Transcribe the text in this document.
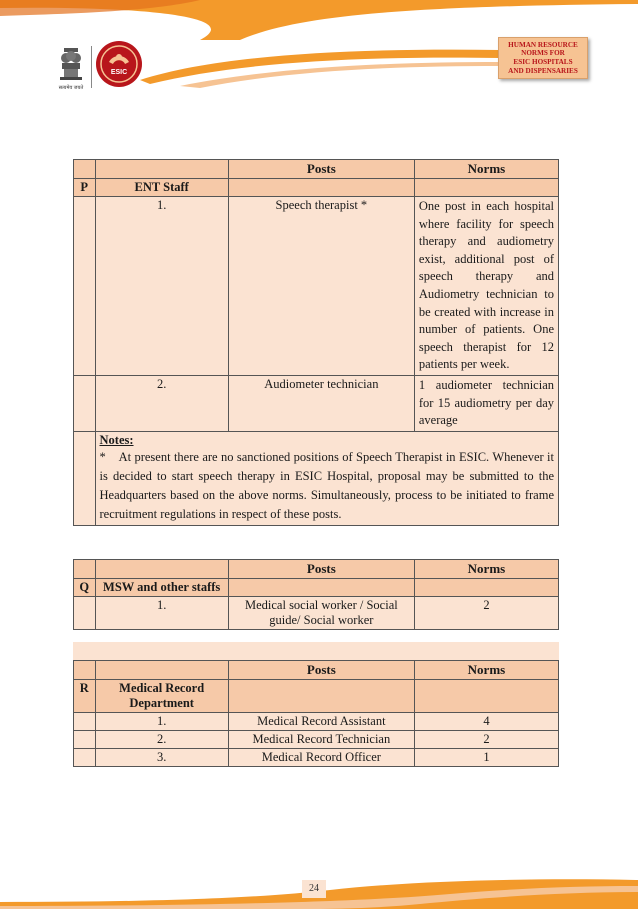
सत्यमेव जयते
ESIC
HUMAN RESOURCE
NORMS FOR
ESIC HOSPITALS
AND DISPENSARIES
		Posts	Norms
P	ENT Staff		
	1.	Speech therapist *	One post in each hospital where facility for speech therapy and audiometry exist, additional post of speech therapy and Audiometry technician to be created with increase in number of patients. One speech therapist for 12 patients per week.
	2.	Audiometer technician	1 audiometer technician for 15 audiometry per day average

	Notes:
*    At present there are no sanctioned positions of Speech Therapist in ESIC. Whenever it is decided to start speech therapy in ESIC Hospital, proposal may be submitted to the Headquarters based on the above norms. Simultaneously, process to be initiated to frame recruitment regulations in respect of these posts.		
		Posts	Norms
Q	MSW and other staffs		
	1.	Medical social worker / Social guide/ Social worker	2
		Posts	Norms
R	Medical Record Department		
	1.	Medical Record Assistant	4
	2.	Medical Record Technician	2
	3.	Medical Record Officer	1
24
